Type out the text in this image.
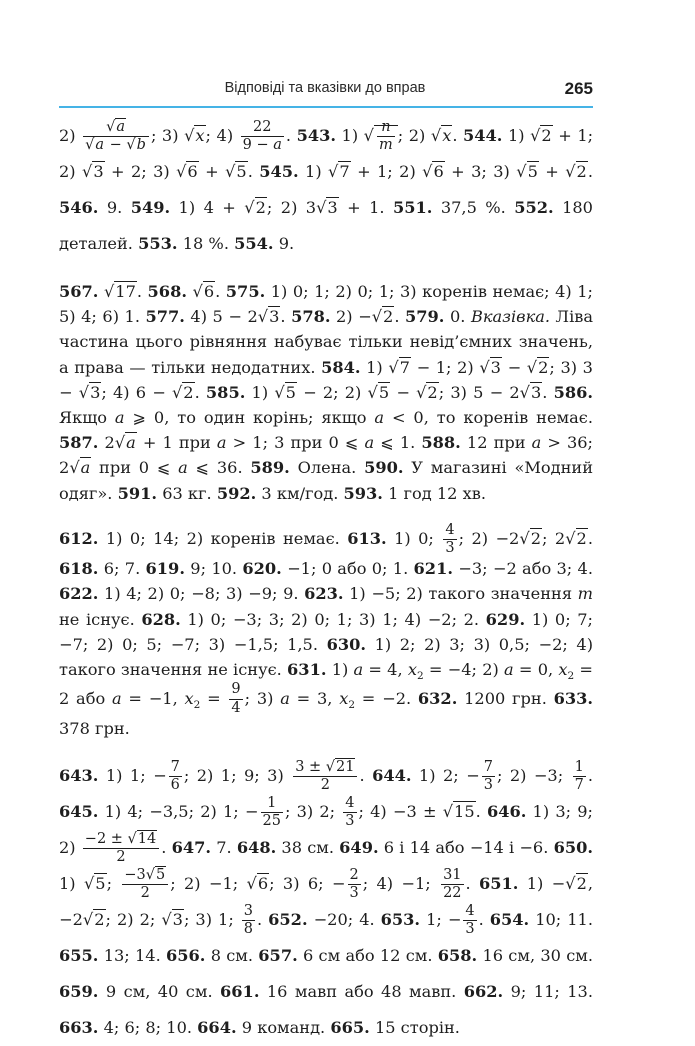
Відповіді та вказівки до вправ	265
$2) \frac{√a}{√a - √b}$ ; 3) √x; $4) \frac{22}{9 - a}$ . 543. 1) √ $\frac{n}{m}$ ; 2) √x. 544. 1) √2 + 1; 2) √3 + 2; 3) √6 + √5. 545. 1) √7 + 1; 2) √6 + 3; 3) √5 + √2. 546. 9. 549. 1) 4 + √2; 2) 3√3 + 1. 551. 37,5 %. 552. 180 деталей. 553. 18 %. 554. 9.
567. √17. 568. √6. 575. 1) 0; 1; 2) 0; 1; 3) коренів немає; 4) 1; 5) 4; 6) 1. 577. 4) 5 − 2√3. 578. 2) −√2. 579. 0. Вказівка. Ліва частина цього рівняння набуває тільки невід’ємних значень, а права — тільки недодатних. 584. 1) √7 − 1; 2) √3 − √2; 3) 3 − √3; 4) 6 − √2. 585. 1) √5 − 2; 2) √5 − √2; 3) 5 − 2√3. 586. Якщо a ⩾ 0, то один корінь; якщо a < 0, то коренів немає. 587. 2√a + 1 при a > 1; 3 при 0 ⩽ a ⩽ 1. 588. 12 при a > 36; 2√a при 0 ⩽ a ⩽ 36. 589. Олена. 590. У магазині «Модний одяг». 591. 63 кг. 592. 3 км/год. 593. 1 год 12 хв.
612. 1) 0; 14; 2) коренів немає. 613. 1) 0; $\frac{4}{3}$ ; 2) −2√2; 2√2. 618. 6; 7. 619. 9; 10. 620. −1; 0 або 0; 1. 621. −3; −2 або 3; 4. 622. 1) 4; 2) 0; −8; 3) −9; 9. 623. 1) −5; 2) такого значення m не існує. 628. 1) 0; −3; 3; 2) 0; 1; 3) 1; 4) −2; 2. 629. 1) 0; 7; −7; 2) 0; 5; −7; 3) −1,5; 1,5. 630. 1) 2; 2) 3; 3) 0,5; −2; 4) такого значення не існує. 631. 1) a = 4, $x_2 = -4$; 2) a = 0, $x_2 = 2$ або a = −1, $x_2 = \frac{9}{4}$ ; 3) a = 3, $x_2 = -2$. 632. 1200 грн. 633. 378 грн.
643. 1) 1; − $\frac{7}{6}$ ; 2) 1; 9; $3) \frac{3 \pm √21}{2}$ . 644. 1) 2; − $\frac{7}{3}$ ; 2) −3; $\frac{1}{7}$ . 645. 1) 4; −3,5; 2) 1; − $\frac{1}{25}$ ; 3) 2; $\frac{4}{3}$ ; 4) −3 ± √15. 646. 1) 3; 9; $2) \frac{-2 \pm √14}{2}$ . 647. 7. 648. 38 см. 649. 6 і 14 або −14 і −6. 650. 1) √5; $\frac{-3√5}{2}$ ; 2) −1; √6; 3) 6; − $\frac{2}{3}$ ; 4) −1; $\frac{31}{22}$ . 651. 1) −√2, −2√2; 2) 2; √3; 3) 1; $\frac{3}{8}$ . 652. −20; 4. 653. 1; − $\frac{4}{3}$ . 654. 10; 11. 655. 13; 14. 656. 8 см. 657. 6 см або 12 см. 658. 16 см, 30 см. 659. 9 см, 40 см. 661. 16 мавп або 48 мавп. 662. 9; 11; 13. 663. 4; 6; 8; 10. 664. 9 команд. 665. 15 сторін.
